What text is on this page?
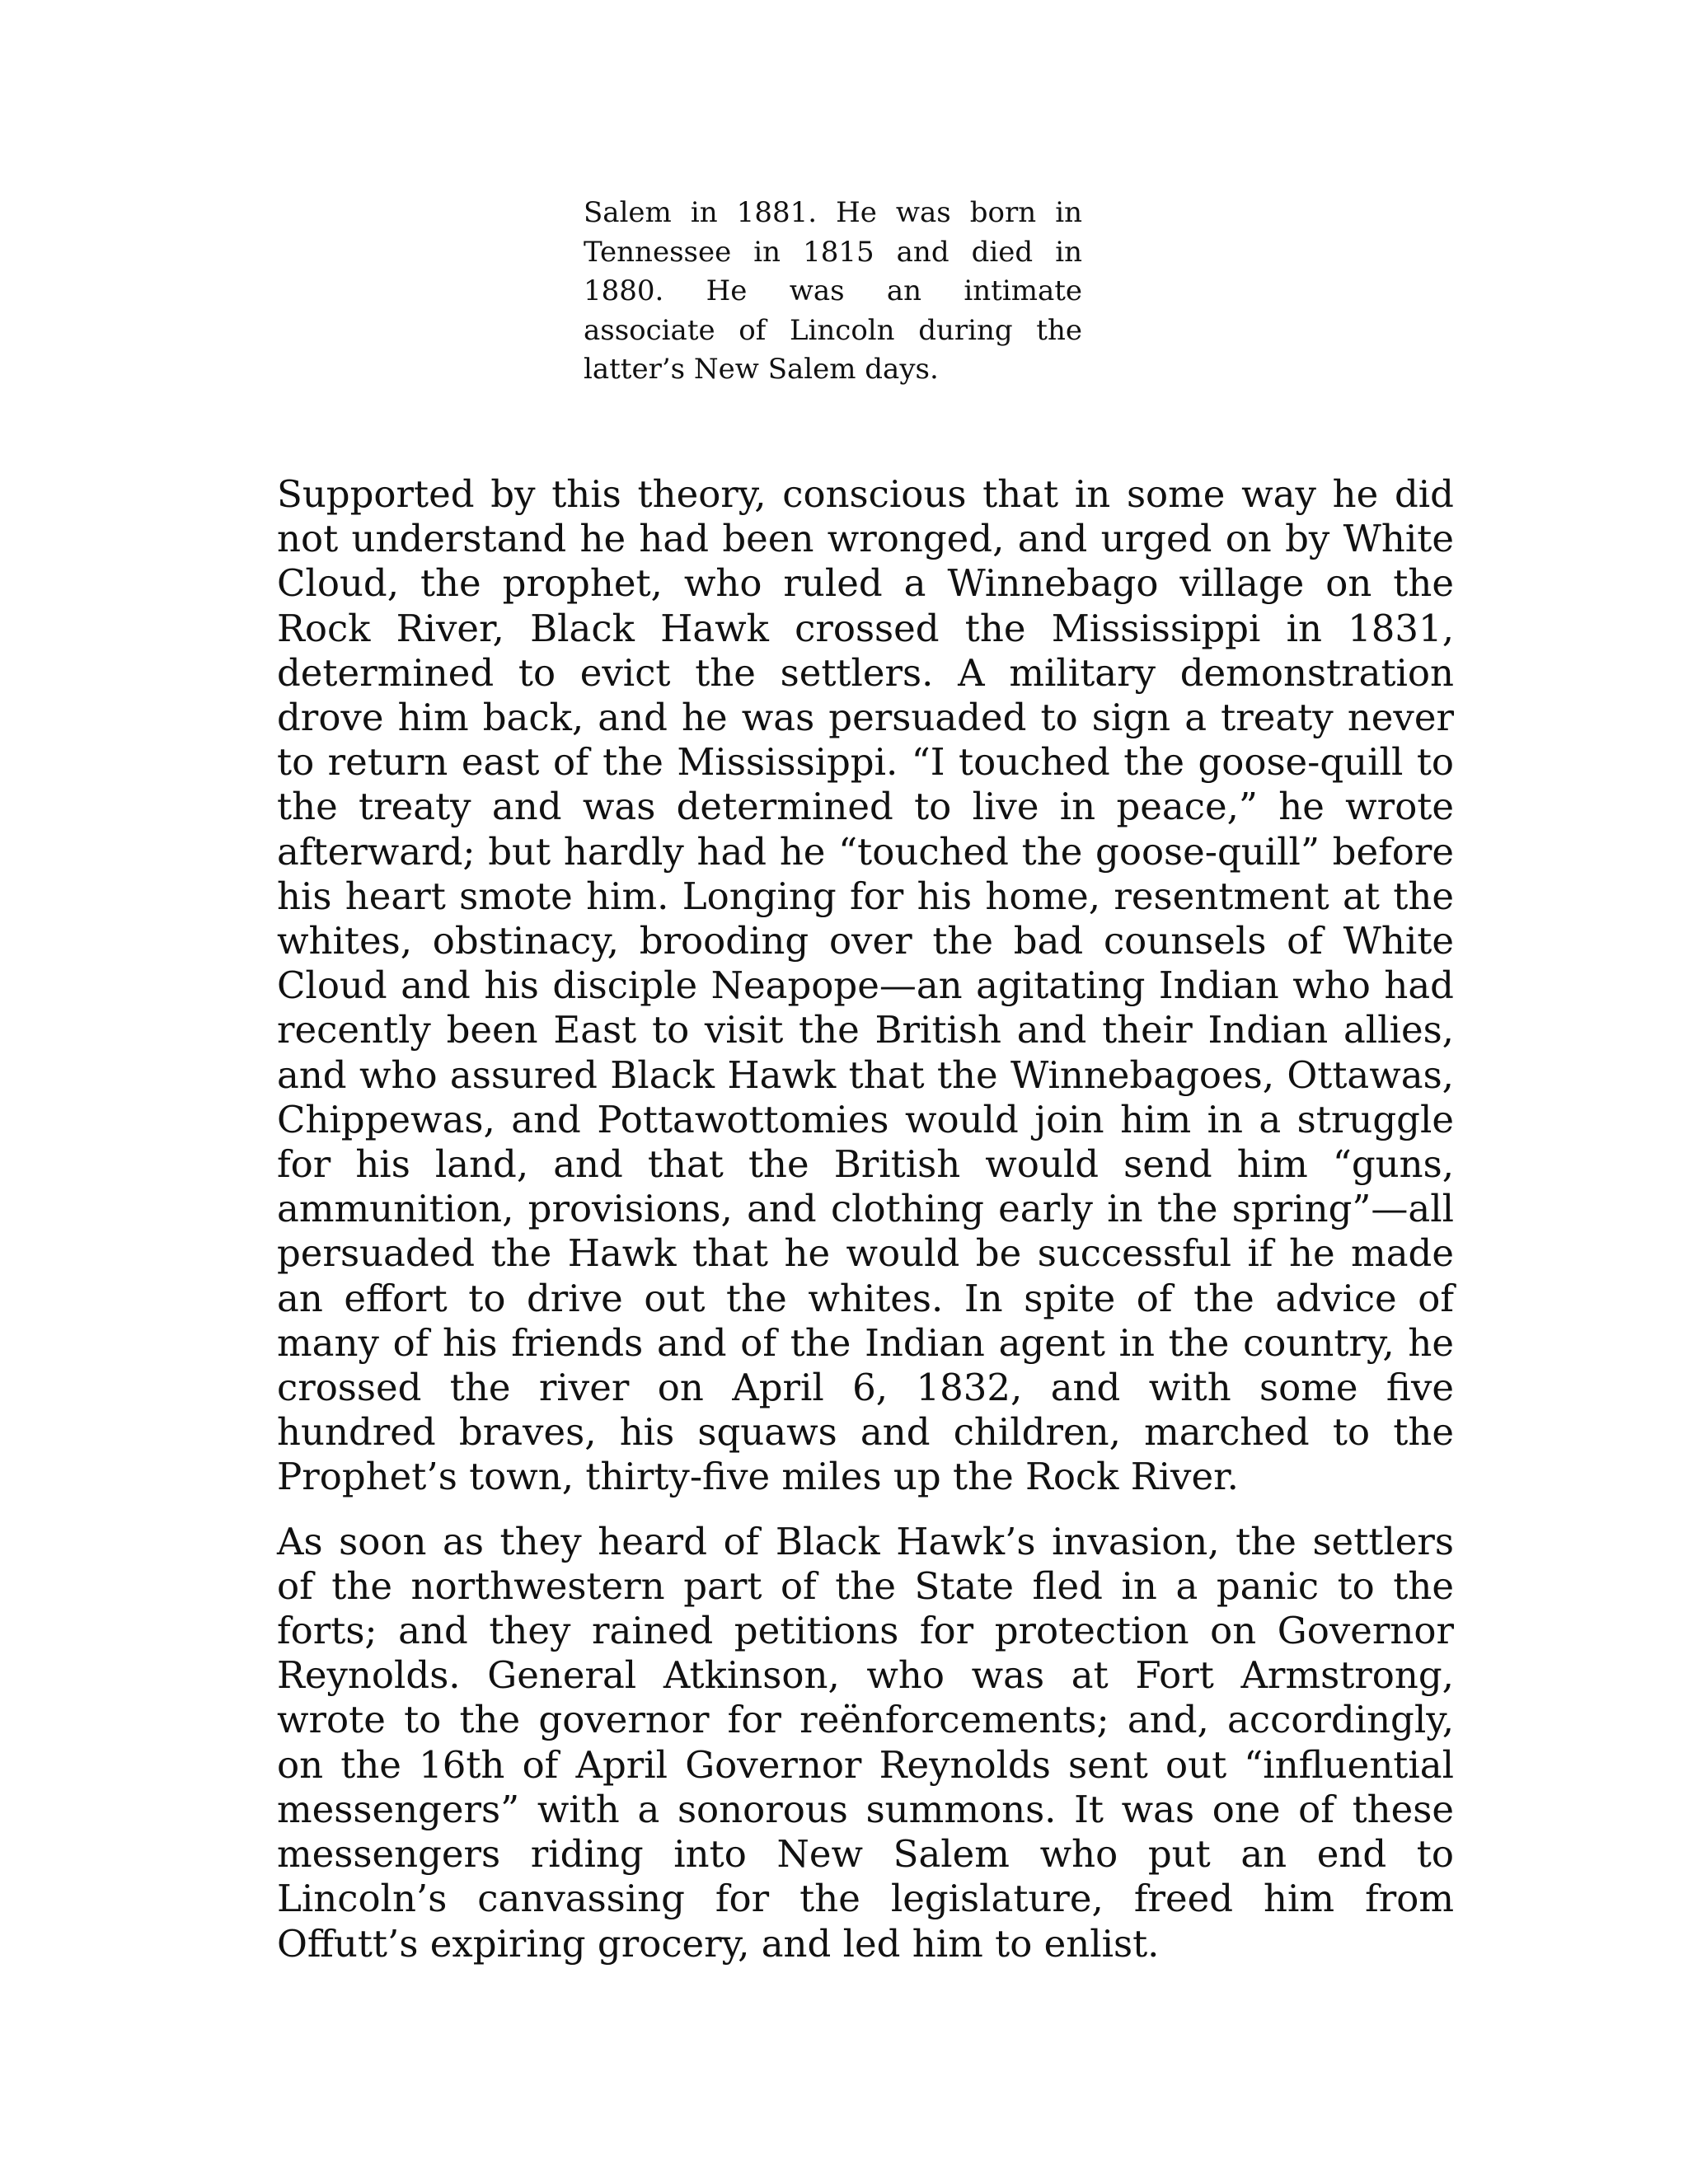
Salem in 1881. He was born in Tennessee in 1815 and died in 1880. He was an intimate associate of Lincoln during the latter’s New Salem days.

Supported by this theory, conscious that in some way he did not understand he had been wronged, and urged on by White Cloud, the prophet, who ruled a Winnebago village on the Rock River, Black Hawk crossed the Mississippi in 1831, determined to evict the settlers. A military demonstration drove him back, and he was persuaded to sign a treaty never to return east of the Mississippi. “I touched the goose-quill to the treaty and was determined to live in peace,” he wrote afterward; but hardly had he “touched the goose-quill” before his heart smote him. Longing for his home, resentment at the whites, obstinacy, brooding over the bad counsels of White Cloud and his disciple Neapope—an agitating Indian who had recently been East to visit the British and their Indian allies, and who assured Black Hawk that the Winnebagoes, Ottawas, Chippewas, and Pottawottomies would join him in a struggle for his land, and that the British would send him “guns, ammunition, provisions, and clothing early in the spring”—all persuaded the Hawk that he would be successful if he made an effort to drive out the whites. In spite of the advice of many of his friends and of the Indian agent in the country, he crossed the river on April 6, 1832, and with some five hundred braves, his squaws and children, marched to the Prophet’s town, thirty-five miles up the Rock River.

As soon as they heard of Black Hawk’s invasion, the settlers of the northwestern part of the State fled in a panic to the forts; and they rained petitions for protection on Governor Reynolds. General Atkinson, who was at Fort Armstrong, wrote to the governor for reënforcements; and, accordingly, on the 16th of April Governor Reynolds sent out “influential messengers” with a sonorous summons. It was one of these messengers riding into New Salem who put an end to Lincoln’s canvassing for the legislature, freed him from Offutt’s expiring grocery, and led him to enlist.
